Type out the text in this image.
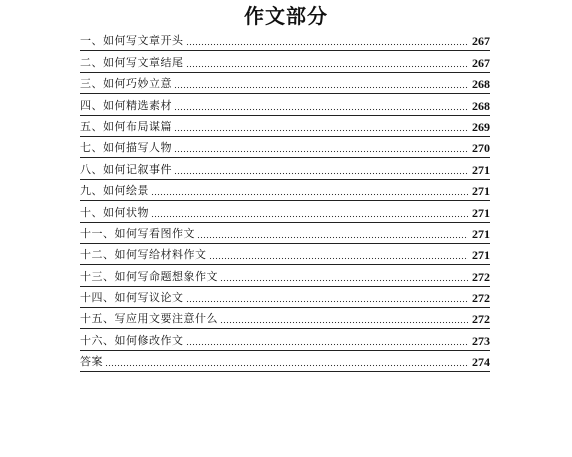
作文部分
一、如何写文章开头	267
二、如何写文章结尾	267
三、如何巧妙立意	268
四、如何精选素材	268
五、如何布局谋篇	269
七、如何描写人物	270
八、如何记叙事件	271
九、如何绘景	271
十、如何状物	271
十一、如何写看图作文	271
十二、如何写给材料作文	271
十三、如何写命题想象作文	272
十四、如何写议论文	272
十五、写应用文要注意什么	272
十六、如何修改作文	273
答案	274
